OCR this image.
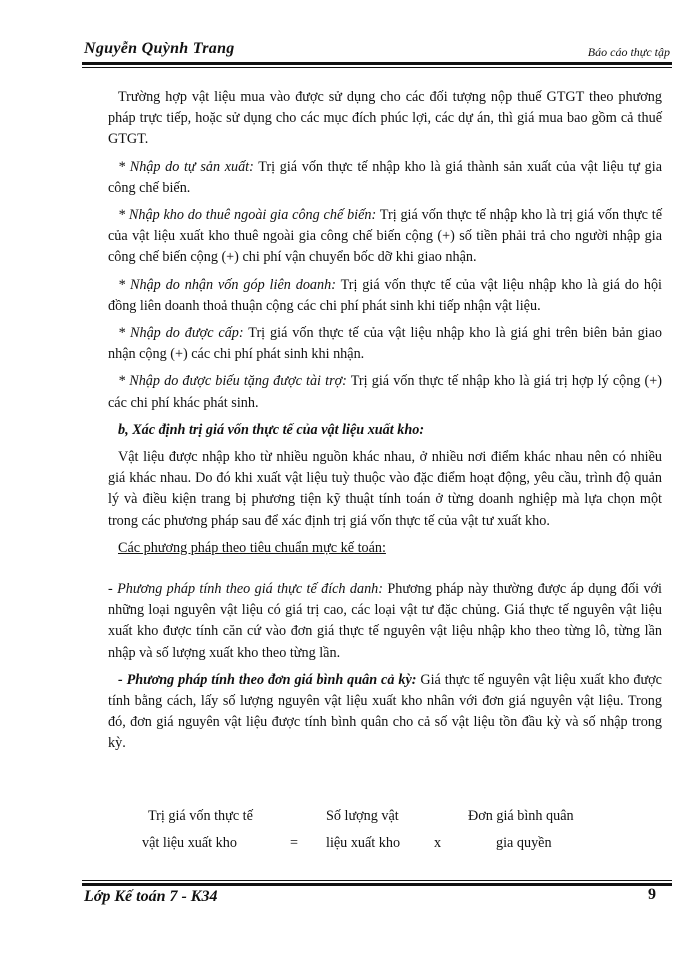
Nguyễn Quỳnh Trang	Báo cáo thực tập

Trường hợp vật liệu mua vào được sử dụng cho các đối tượng nộp thuế GTGT theo phương pháp trực tiếp, hoặc sử dụng cho các mục đích phúc lợi, các dự án, thì giá mua bao gồm cả thuế GTGT.

* Nhập do tự sản xuất: Trị giá vốn thực tế nhập kho là giá thành sản xuất của vật liệu tự gia công chế biến.

* Nhập kho do thuê ngoài gia công chế biến: Trị giá vốn thực tế nhập kho là trị giá vốn thực tế của vật liệu xuất kho thuê ngoài gia công chế biến cộng (+) số tiền phải trả cho người nhập gia công chế biến cộng (+) chi phí vận chuyển bốc dỡ khi giao nhận.

* Nhập do nhận vốn góp liên doanh: Trị giá vốn thực tế của vật liệu nhập kho là giá do hội đồng liên doanh thoả thuận cộng các chi phí phát sinh khi tiếp nhận vật liệu.

* Nhập do được cấp: Trị giá vốn thực tế của vật liệu nhập kho là giá ghi trên biên bản giao nhận cộng (+) các chi phí phát sinh khi nhận.

* Nhập do được biếu tặng được tài trợ: Trị giá vốn thực tế nhập kho là giá trị hợp lý cộng (+) các chi phí khác phát sinh.

b, Xác định trị giá vốn thực tế của vật liệu xuất kho:

Vật liệu được nhập kho từ nhiều nguồn khác nhau, ở nhiều nơi điểm khác nhau nên có nhiều giá khác nhau. Do đó khi xuất vật liệu tuỳ thuộc vào đặc điểm hoạt động, yêu cầu, trình độ quản lý và điều kiện trang bị phương tiện kỹ thuật tính toán ở từng doanh nghiệp mà lựa chọn một trong các phương pháp sau để xác định trị giá vốn thực tế của vật tư xuất kho.

Các phương pháp theo tiêu chuẩn mực kế toán:

- Phương pháp tính theo giá thực tế đích danh: Phương pháp này thường được áp dụng đối với những loại nguyên vật liệu có giá trị cao, các loại vật tư đặc chủng. Giá thực tế nguyên vật liệu xuất kho được tính căn cứ vào đơn giá thực tế nguyên vật liệu nhập kho theo từng lô, từng lần nhập và số lượng xuất kho theo từng lần.

- Phương pháp tính theo đơn giá bình quân cả kỳ: Giá thực tế nguyên vật liệu xuất kho được tính bằng cách, lấy số lượng nguyên vật liệu xuất kho nhân với đơn giá nguyên vật liệu. Trong đó, đơn giá nguyên vật liệu được tính bình quân cho cả số vật liệu tồn đầu kỳ và số nhập trong kỳ.

Trị giá vốn thực tế	Số lượng vật	Đơn giá bình quân
vật liệu xuất kho	= liệu xuất kho x	gia quyền
Lớp Kế toán 7 - K34	9
